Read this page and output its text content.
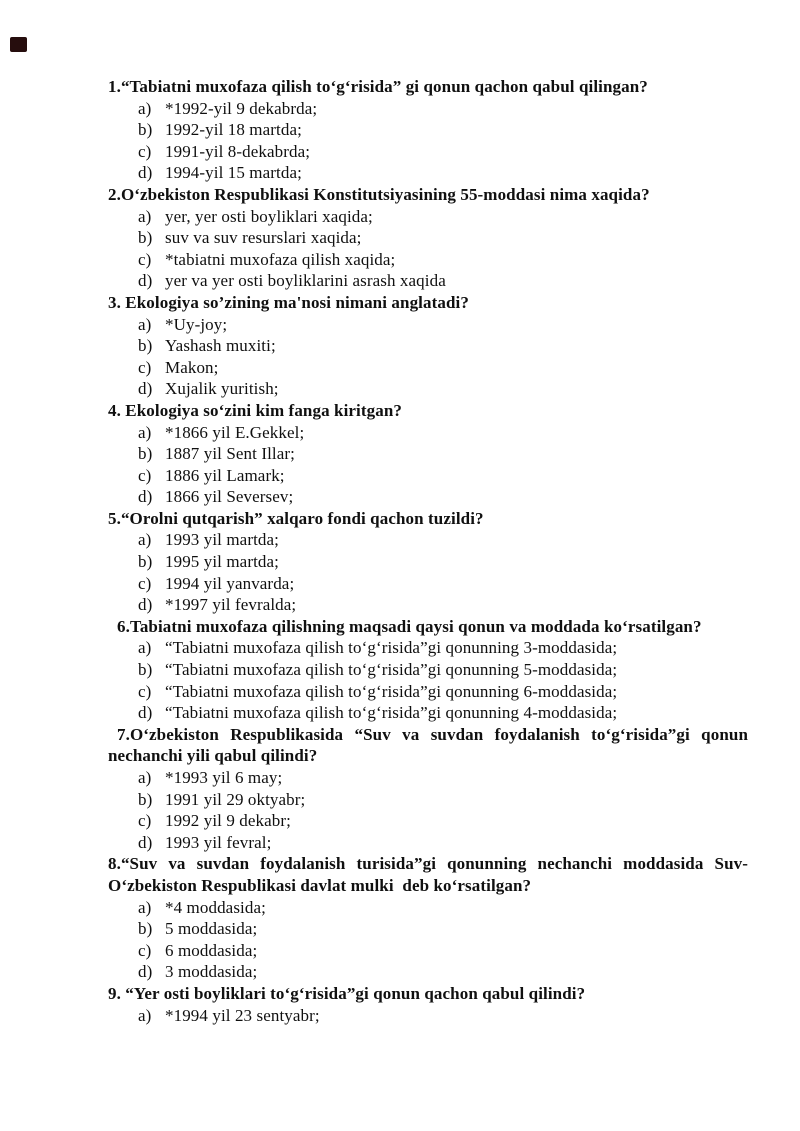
1.“Tabiatni muxofaza qilish to‘g‘risida” gi qonun qachon qabul qilingan?
a) *1992-yil 9 dekabrda;
b) 1992-yil 18 martda;
c) 1991-yil 8-dekabrda;
d) 1994-yil 15 martda;
2.O‘zbekiston Respublikasi Konstitutsiyasining 55-moddasi nima xaqida?
a) yer, yer osti boyliklari xaqida;
b) suv va suv resurslari xaqida;
c) *tabiatni muxofaza qilish xaqida;
d) yer va yer osti boyliklarini asrash xaqida
3. Ekologiya so’zining ma'nosi nimani anglatadi?
a) *Uy-joy;
b) Yashash muxiti;
c) Makon;
d) Xujalik yuritish;
4. Ekologiya so‘zini kim fanga kiritgan?
a) *1866 yil E.Gekkel;
b) 1887 yil Sent Illar;
c) 1886 yil Lamark;
d) 1866 yil Seversev;
5.“Orolni qutqarish” xalqaro fondi qachon tuzildi?
a) 1993 yil martda;
b) 1995 yil martda;
c) 1994 yil yanvarda;
d) *1997 yil fevralda;
6.Tabiatni muxofaza qilishning maqsadi qaysi qonun va moddada ko‘rsatilgan?
a) “Tabiatni muxofaza qilish to‘g‘risida”gi qonunning 3-moddasida;
b) “Tabiatni muxofaza qilish to‘g‘risida”gi qonunning 5-moddasida;
c) “Tabiatni muxofaza qilish to‘g‘risida”gi qonunning 6-moddasida;
d) “Tabiatni muxofaza qilish to‘g‘risida”gi qonunning 4-moddasida;
7.O‘zbekiston Respublikasida “Suv va suvdan foydalanish to‘g‘risida”gi qonun nechanchi yili qabul qilindi?
a) *1993 yil 6 may;
b) 1991 yil 29 oktyabr;
c) 1992 yil 9 dekabr;
d) 1993 yil fevral;
8.“Suv va suvdan foydalanish turisida”gi qonunning nechanchi moddasida Suv- O‘zbekiston Respublikasi davlat mulki  deb ko‘rsatilgan?
a) *4 moddasida;
b) 5 moddasida;
c) 6 moddasida;
d) 3 moddasida;
9. “Yer osti boyliklari to‘g‘risida”gi qonun qachon qabul qilindi?
a) *1994 yil 23 sentyabr;
